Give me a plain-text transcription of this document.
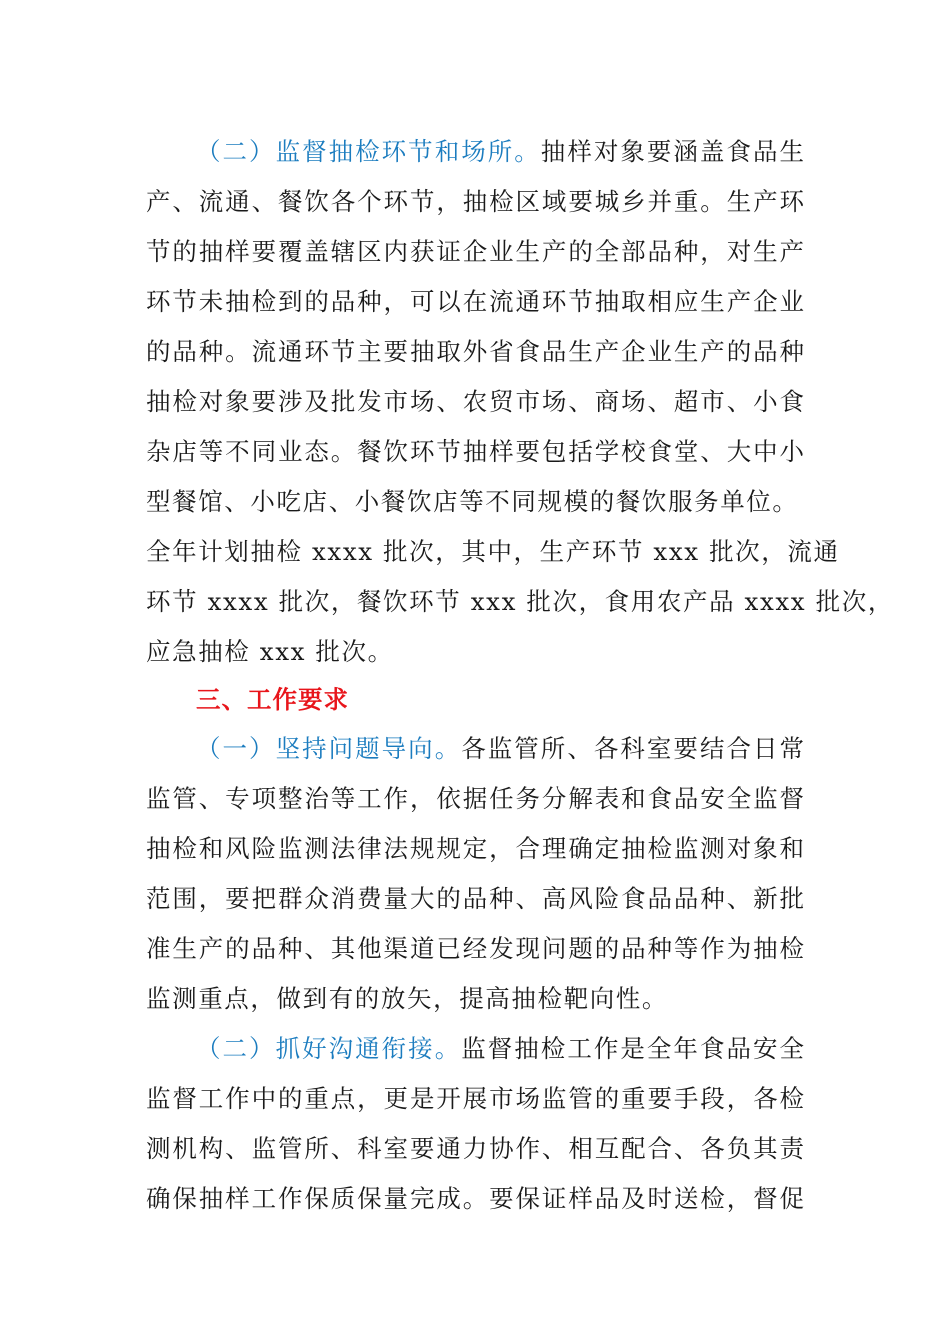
（二）监督抽检环节和场所。抽样对象要涵盖食品生
产、流通、餐饮各个环节，抽检区域要城乡并重。生产环
节的抽样要覆盖辖区内获证企业生产的全部品种，对生产
环节未抽检到的品种，可以在流通环节抽取相应生产企业
的品种。流通环节主要抽取外省食品生产企业生产的品种
抽检对象要涉及批发市场、农贸市场、商场、超市、小食
杂店等不同业态。餐饮环节抽样要包括学校食堂、大中小
型餐馆、小吃店、小餐饮店等不同规模的餐饮服务单位。
全年计划抽检 xxxx 批次，其中，生产环节 xxx 批次，流通
环节 xxxx 批次，餐饮环节 xxx 批次，食用农产品 xxxx 批次，
应急抽检 xxx 批次。
三、工作要求
（一）坚持问题导向。各监管所、各科室要结合日常
监管、专项整治等工作，依据任务分解表和食品安全监督
抽检和风险监测法律法规规定，合理确定抽检监测对象和
范围，要把群众消费量大的品种、高风险食品品种、新批
准生产的品种、其他渠道已经发现问题的品种等作为抽检
监测重点，做到有的放矢，提高抽检靶向性。
（二）抓好沟通衔接。监督抽检工作是全年食品安全
监督工作中的重点，更是开展市场监管的重要手段，各检
测机构、监管所、科室要通力协作、相互配合、各负其责
确保抽样工作保质保量完成。要保证样品及时送检，督促
